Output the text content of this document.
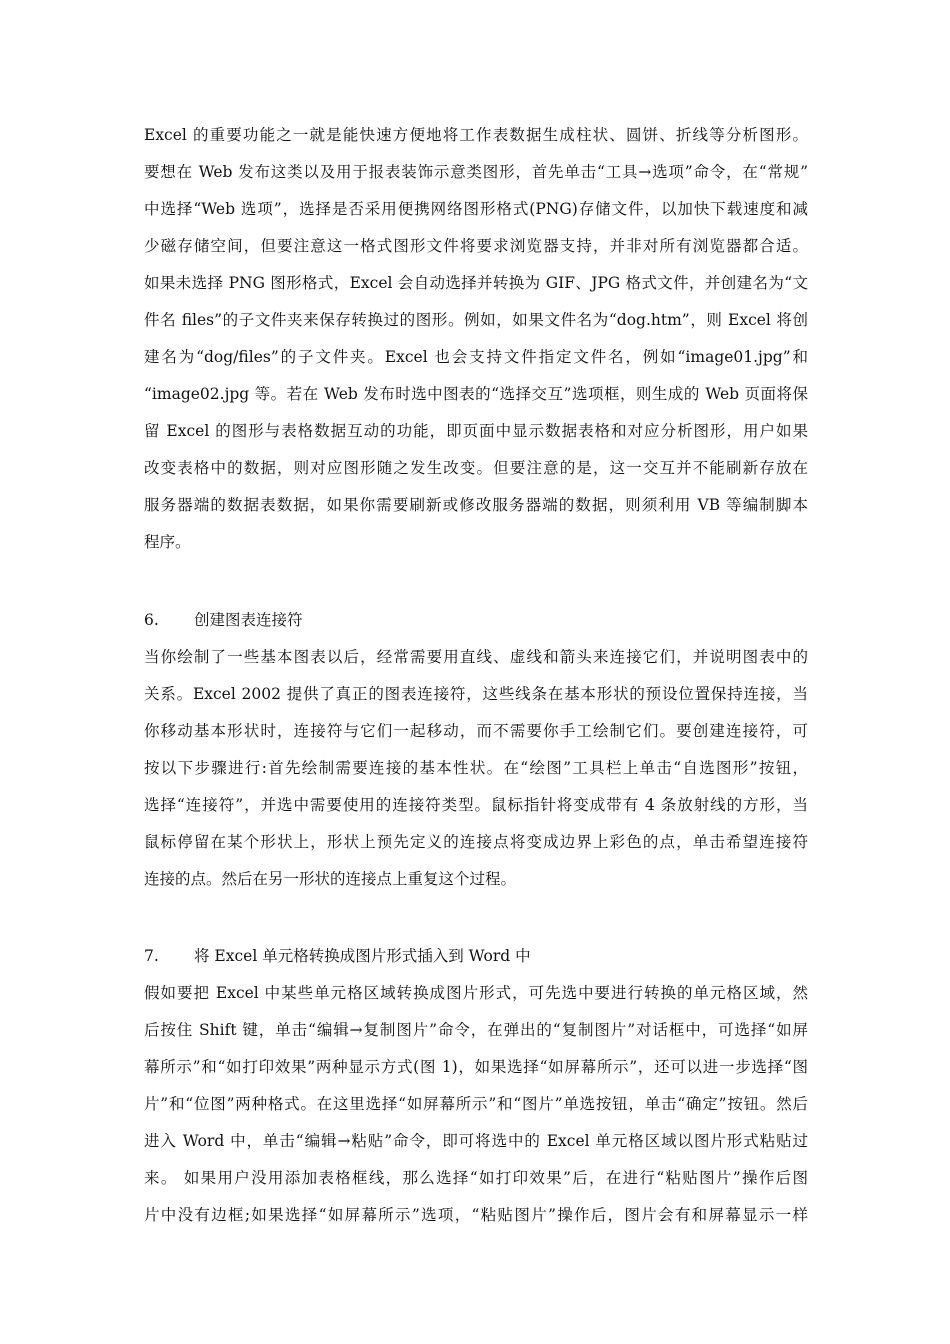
Excel 的重要功能之一就是能快速方便地将工作表数据生成柱状、圆饼、折线等分析图形。
要想在 Web 发布这类以及用于报表装饰示意类图形，首先单击“工具→选项”命令，在“常规”
中选择“Web 选项”，选择是否采用便携网络图形格式(PNG)存储文件，以加快下载速度和减
少磁存储空间，但要注意这一格式图形文件将要求浏览器支持，并非对所有浏览器都合适。
如果未选择 PNG 图形格式，Excel 会自动选择并转换为 GIF、JPG 格式文件，并创建名为“文
件名 files”的子文件夹来保存转换过的图形。例如，如果文件名为“dog.htm”，则 Excel 将创
建名为“dog/files”的子文件夹。Excel 也会支持文件指定文件名，例如“image01.jpg”和
“image02.jpg 等。若在 Web 发布时选中图表的“选择交互”选项框，则生成的 Web 页面将保
留 Excel 的图形与表格数据互动的功能，即页面中显示数据表格和对应分析图形，用户如果
改变表格中的数据，则对应图形随之发生改变。但要注意的是，这一交互并不能刷新存放在
服务器端的数据表数据，如果你需要刷新或修改服务器端的数据，则须利用 VB 等编制脚本
程序。
6. 创建图表连接符
当你绘制了一些基本图表以后，经常需要用直线、虚线和箭头来连接它们，并说明图表中的
关系。Excel 2002 提供了真正的图表连接符，这些线条在基本形状的预设位置保持连接，当
你移动基本形状时，连接符与它们一起移动，而不需要你手工绘制它们。要创建连接符，可
按以下步骤进行:首先绘制需要连接的基本性状。在“绘图”工具栏上单击“自选图形”按钮，
选择“连接符”，并选中需要使用的连接符类型。鼠标指针将变成带有 4 条放射线的方形，当
鼠标停留在某个形状上，形状上预先定义的连接点将变成边界上彩色的点，单击希望连接符
连接的点。然后在另一形状的连接点上重复这个过程。
7. 将 Excel 单元格转换成图片形式插入到 Word 中
假如要把 Excel 中某些单元格区域转换成图片形式，可先选中要进行转换的单元格区域，然
后按住 Shift 键，单击“编辑→复制图片”命令，在弹出的“复制图片”对话框中，可选择“如屏
幕所示”和“如打印效果”两种显示方式(图 1)，如果选择“如屏幕所示”，还可以进一步选择“图
片”和“位图”两种格式。在这里选择“如屏幕所示”和“图片”单选按钮，单击“确定”按钮。然后
进入 Word 中，单击“编辑→粘贴”命令，即可将选中的 Excel 单元格区域以图片形式粘贴过
来。 如果用户没用添加表格框线，那么选择“如打印效果”后，在进行“粘贴图片”操作后图
片中没有边框;如果选择“如屏幕所示”选项，“粘贴图片”操作后，图片会有和屏幕显示一样
